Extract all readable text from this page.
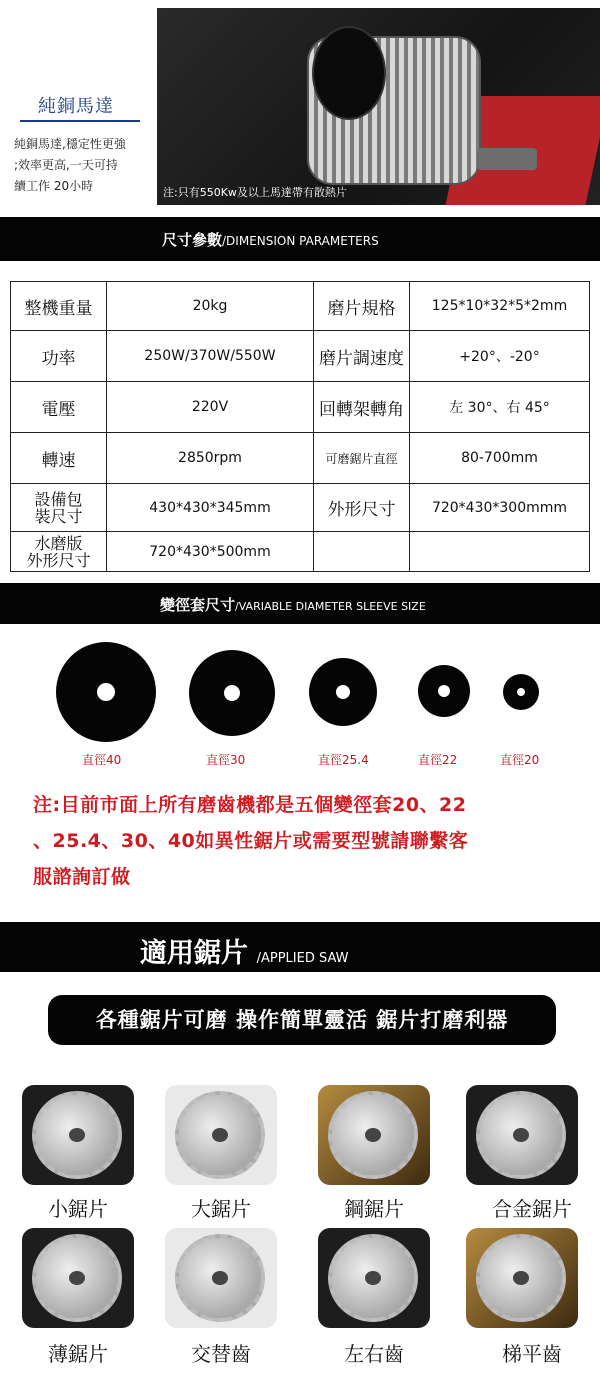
純銅馬達
純銅馬達,穩定性更強
;效率更高,一天可持
續工作 20小時	注:只有550Kw及以上馬達帶有散熱片
尺寸參數/DIMENSION PARAMETERS
整機重量	20kg	磨片規格	125*10*32*5*2mm
功率	250W/370W/550W	磨片調速度	+20°、-20°
電壓	220V	回轉架轉角	左 30°、右 45°
轉速	2850rpm	可磨鋸片直徑	80-700mm

設備包
裝尺寸	430*430*345mm	外形尺寸	720*430*300mmm

水磨版
外形尺寸	720*430*500mm		
變徑套尺寸/VARIABLE DIAMETER SLEEVE SIZE
直徑40	直徑30	直徑25.4	直徑22	直徑20
注:目前市面上所有磨齒機都是五個變徑套20、22
、25.4、30、40如異性鋸片或需要型號請聯繫客
服諮詢訂做
適用鋸片 /APPLIED SAW
各種鋸片可磨 操作簡單靈活 鋸片打磨利器
小鋸片	大鋸片	鋼鋸片	合金鋸片
薄鋸片	交替齒	左右齒	梯平齒
